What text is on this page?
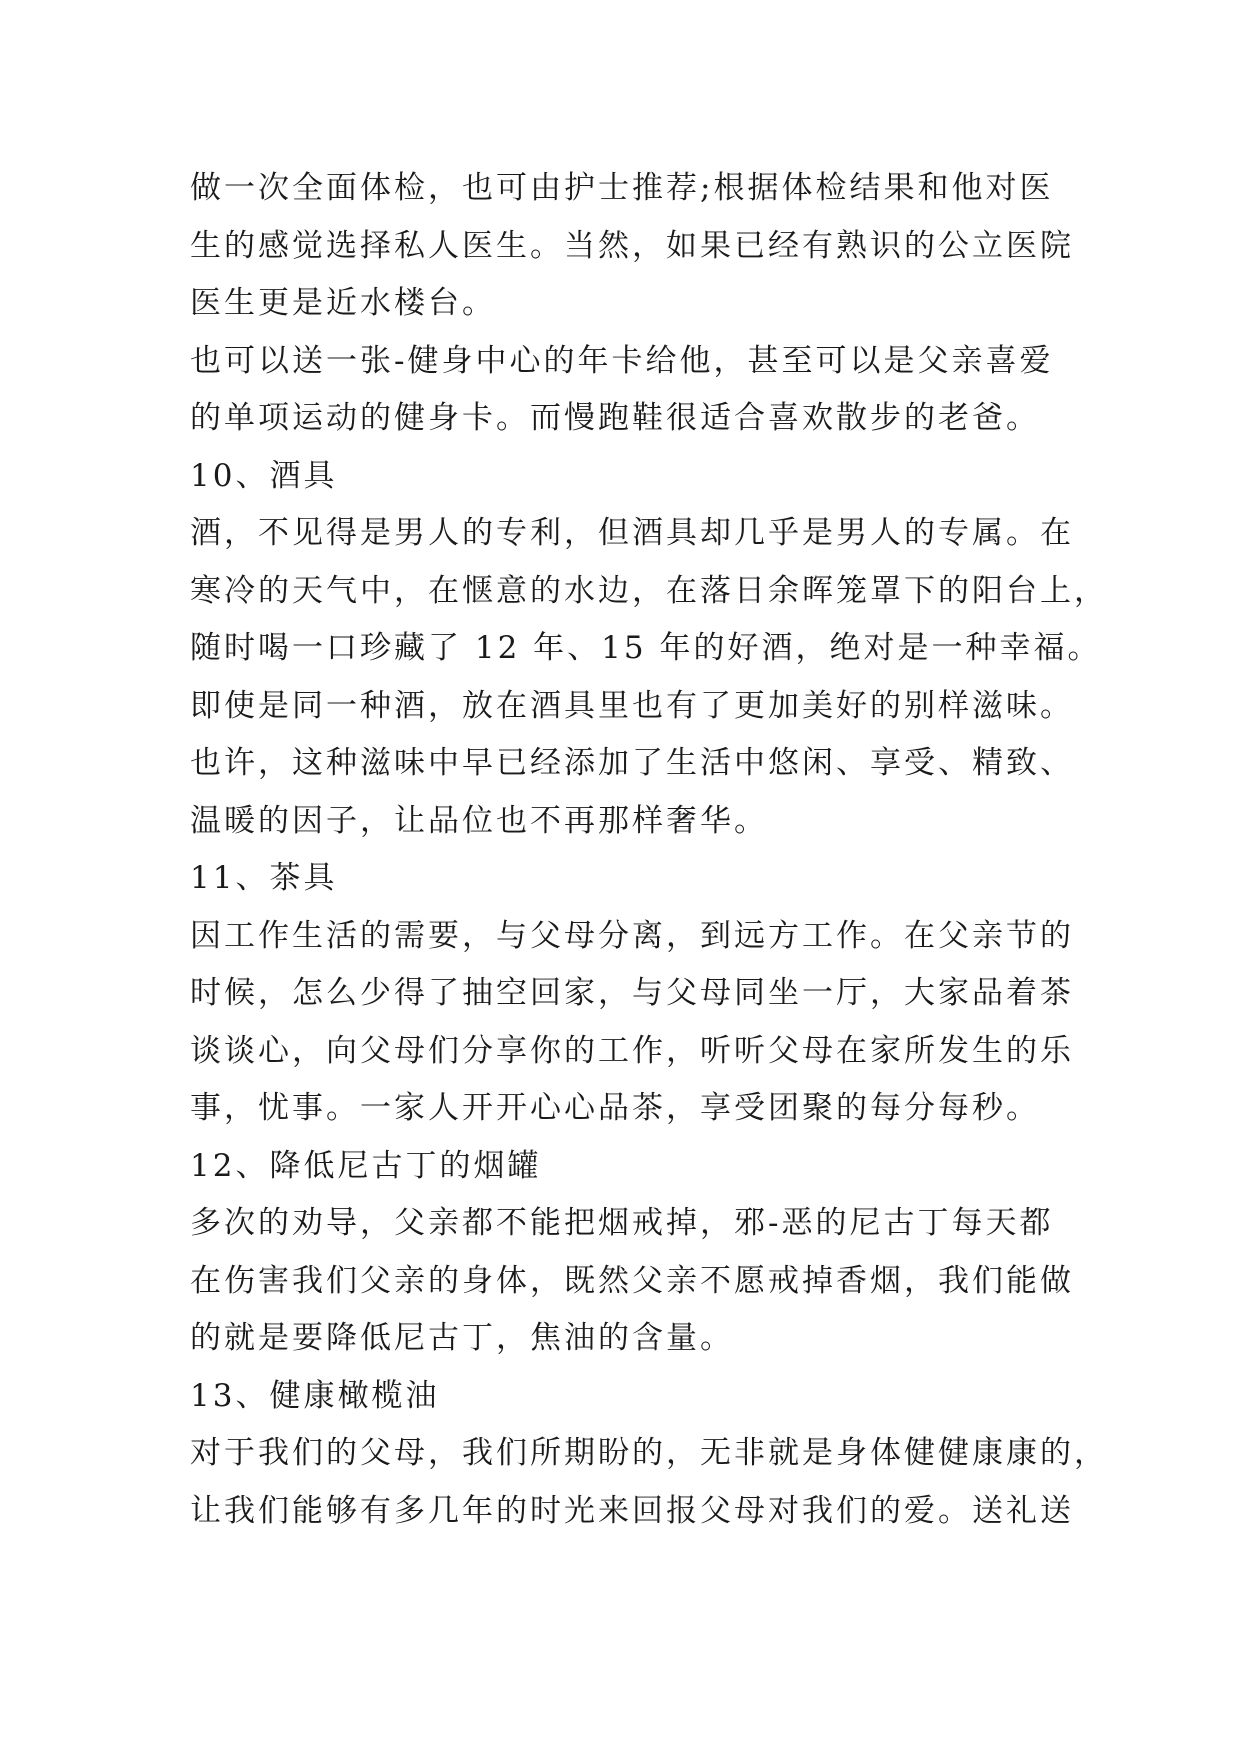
做一次全面体检，也可由护士推荐;根据体检结果和他对医

生的感觉选择私人医生。当然，如果已经有熟识的公立医院

医生更是近水楼台。

也可以送一张-健身中心的年卡给他，甚至可以是父亲喜爱

的单项运动的健身卡。而慢跑鞋很适合喜欢散步的老爸。

10、酒具

酒，不见得是男人的专利，但酒具却几乎是男人的专属。在

寒冷的天气中，在惬意的水边，在落日余晖笼罩下的阳台上，

随时喝一口珍藏了 12 年、15 年的好酒，绝对是一种幸福。

即使是同一种酒，放在酒具里也有了更加美好的别样滋味。

也许，这种滋味中早已经添加了生活中悠闲、享受、精致、

温暖的因子，让品位也不再那样奢华。

11、茶具

因工作生活的需要，与父母分离，到远方工作。在父亲节的

时候，怎么少得了抽空回家，与父母同坐一厅，大家品着茶

谈谈心，向父母们分享你的工作，听听父母在家所发生的乐

事，忧事。一家人开开心心品茶，享受团聚的每分每秒。

12、降低尼古丁的烟罐

多次的劝导，父亲都不能把烟戒掉，邪-恶的尼古丁每天都

在伤害我们父亲的身体，既然父亲不愿戒掉香烟，我们能做

的就是要降低尼古丁，焦油的含量。

13、健康橄榄油

对于我们的父母，我们所期盼的，无非就是身体健健康康的，

让我们能够有多几年的时光来回报父母对我们的爱。送礼送
